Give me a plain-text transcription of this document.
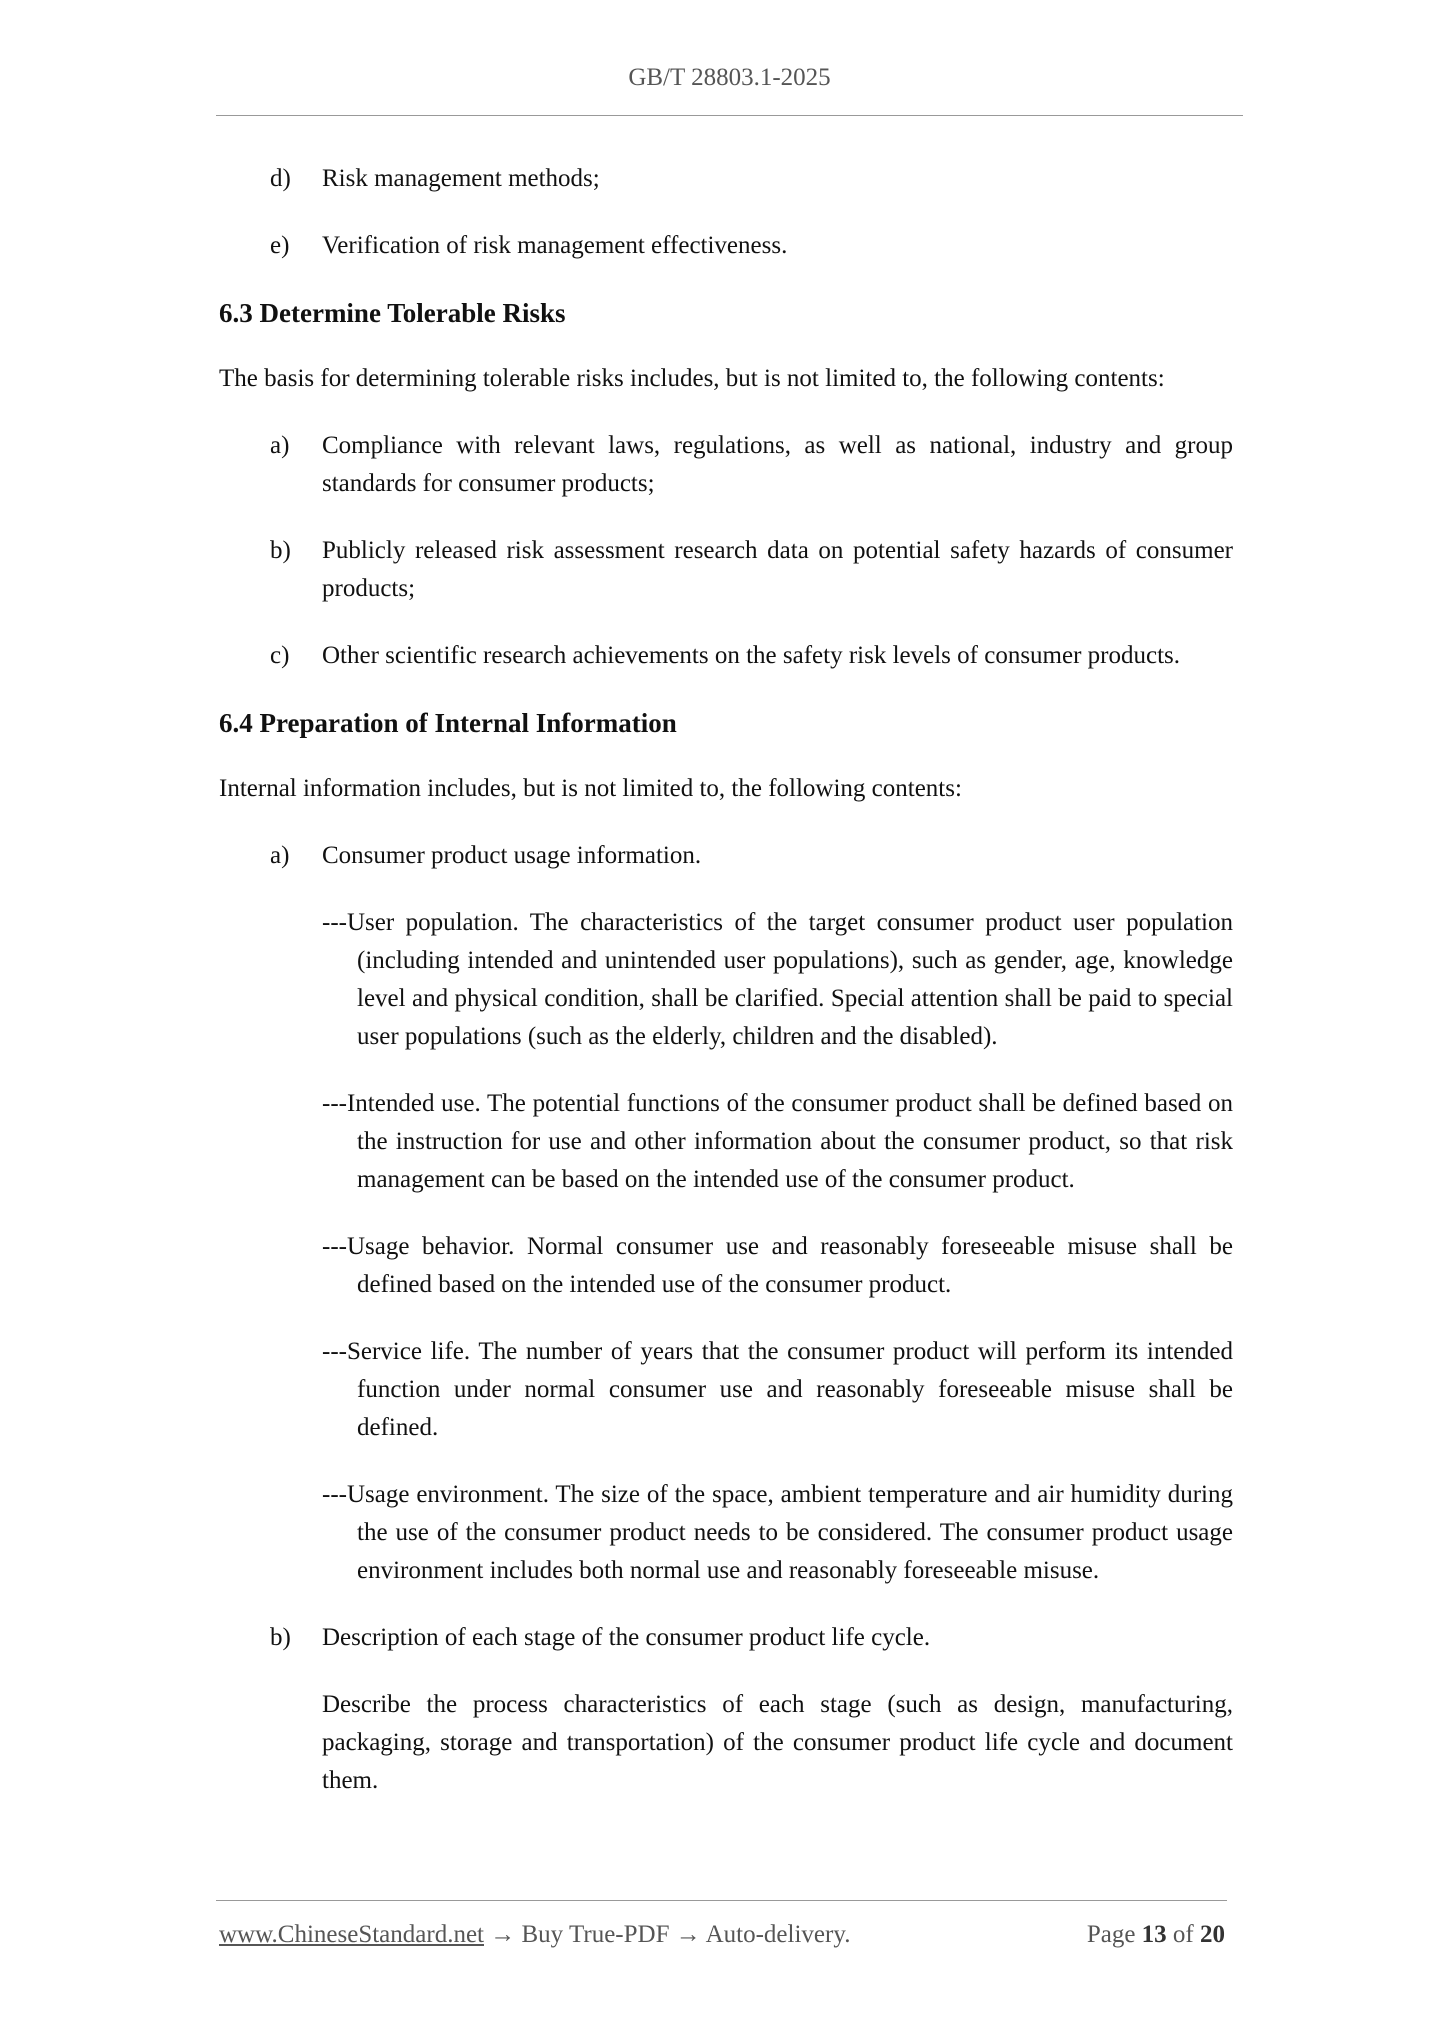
GB/T 28803.1-2025
d) Risk management methods;
e) Verification of risk management effectiveness.
6.3 Determine Tolerable Risks
The basis for determining tolerable risks includes, but is not limited to, the following contents:
a) Compliance with relevant laws, regulations, as well as national, industry and group standards for consumer products;
b) Publicly released risk assessment research data on potential safety hazards of consumer products;
c) Other scientific research achievements on the safety risk levels of consumer products.
6.4 Preparation of Internal Information
Internal information includes, but is not limited to, the following contents:
a) Consumer product usage information.
---User population. The characteristics of the target consumer product user population (including intended and unintended user populations), such as gender, age, knowledge level and physical condition, shall be clarified. Special attention shall be paid to special user populations (such as the elderly, children and the disabled).
---Intended use. The potential functions of the consumer product shall be defined based on the instruction for use and other information about the consumer product, so that risk management can be based on the intended use of the consumer product.
---Usage behavior. Normal consumer use and reasonably foreseeable misuse shall be defined based on the intended use of the consumer product.
---Service life. The number of years that the consumer product will perform its intended function under normal consumer use and reasonably foreseeable misuse shall be defined.
---Usage environment. The size of the space, ambient temperature and air humidity during the use of the consumer product needs to be considered. The consumer product usage environment includes both normal use and reasonably foreseeable misuse.
b) Description of each stage of the consumer product life cycle.
Describe the process characteristics of each stage (such as design, manufacturing, packaging, storage and transportation) of the consumer product life cycle and document them.
www.ChineseStandard.net → Buy True-PDF → Auto-delivery.	Page 13 of 20
